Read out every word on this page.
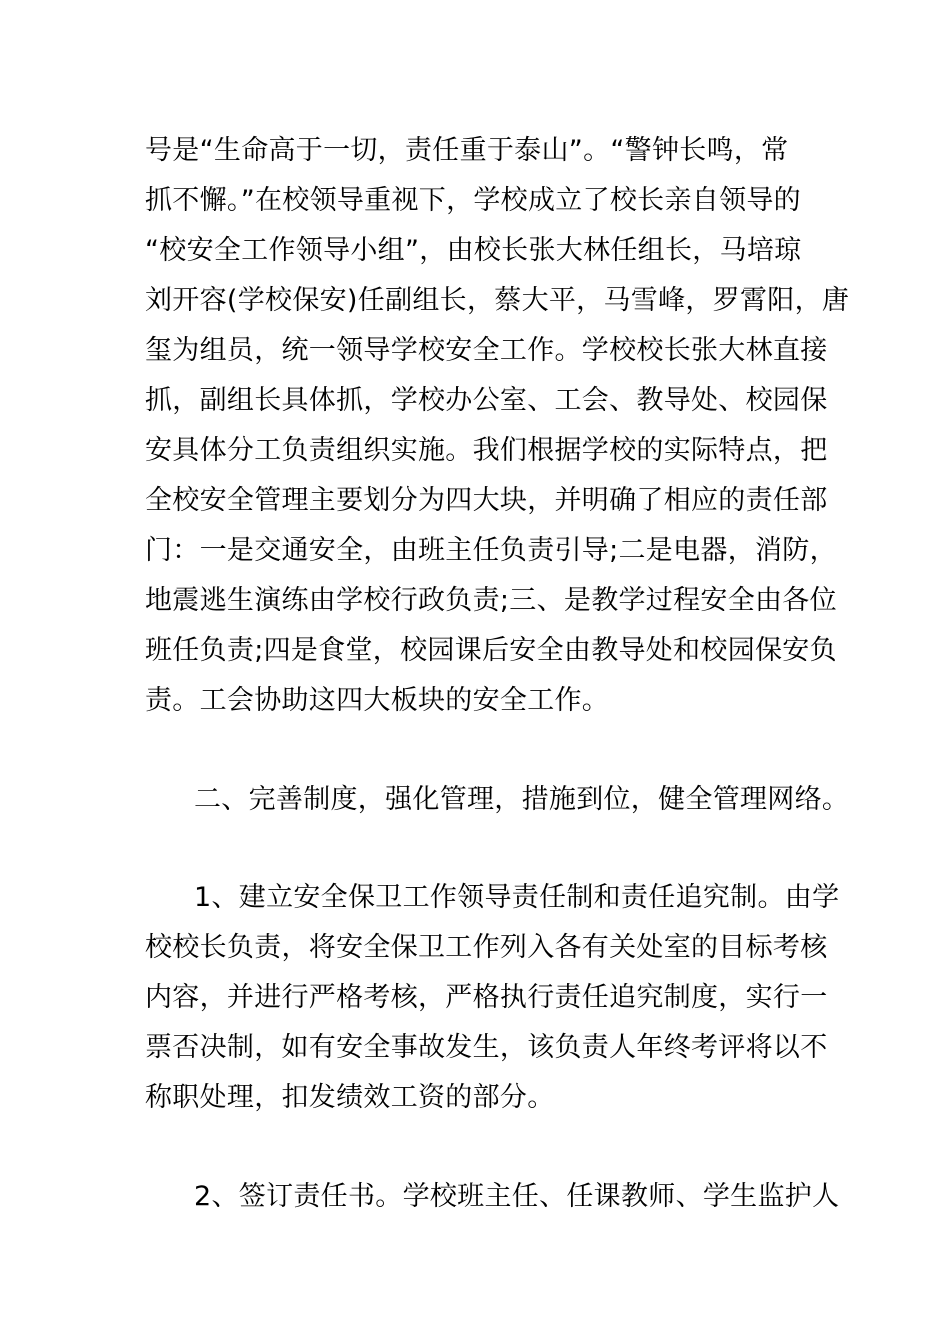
号是“生命高于一切，责任重于泰山”。“警钟长鸣，常
抓不懈。”在校领导重视下，学校成立了校长亲自领导的
“校安全工作领导小组”，由校长张大林任组长，马培琼
刘开容(学校保安)任副组长，蔡大平，马雪峰，罗霄阳，唐
玺为组员，统一领导学校安全工作。学校校长张大林直接
抓，副组长具体抓，学校办公室、工会、教导处、校园保
安具体分工负责组织实施。我们根据学校的实际特点，把
全校安全管理主要划分为四大块，并明确了相应的责任部
门：一是交通安全，由班主任负责引导;二是电器，消防，
地震逃生演练由学校行政负责;三、是教学过程安全由各位
班任负责;四是食堂，校园课后安全由教导处和校园保安负
责。工会协助这四大板块的安全工作。
二、完善制度，强化管理，措施到位，健全管理网络。
1、建立安全保卫工作领导责任制和责任追究制。由学
校校长负责，将安全保卫工作列入各有关处室的目标考核
内容，并进行严格考核，严格执行责任追究制度，实行一
票否决制，如有安全事故发生，该负责人年终考评将以不
称职处理，扣发绩效工资的部分。
2、签订责任书。学校班主任、任课教师、学生监护人
